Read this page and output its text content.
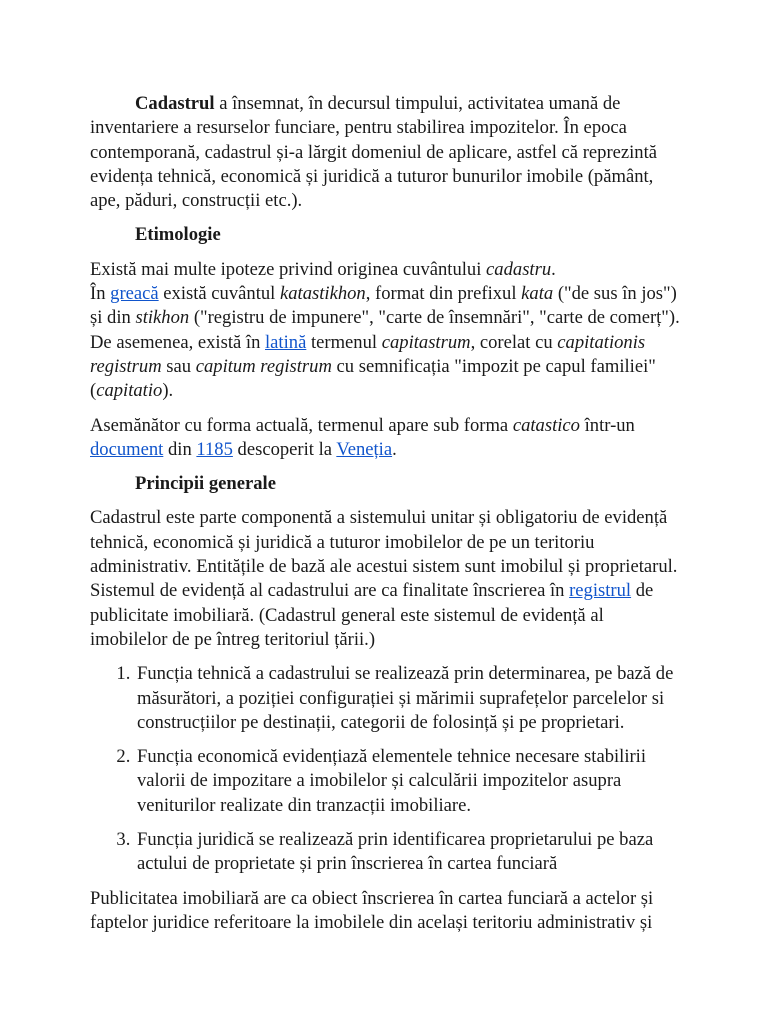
Cadastrul a însemnat, în decursul timpului, activitatea umană de inventariere a resurselor funciare, pentru stabilirea impozitelor. În epoca contemporană, cadastrul și-a lărgit domeniul de aplicare, astfel că reprezintă evidența tehnică, economică și juridică a tuturor bunurilor imobile (pământ, ape, păduri, construcții etc.).

Etimologie

Există mai multe ipoteze privind originea cuvântului cadastru.
În greacă există cuvântul katastikhon, format din prefixul kata ("de sus în jos") și din stikhon ("registru de impunere", "carte de însemnări", "carte de comerț"). De asemenea, există în latină termenul capitastrum, corelat cu capitationis registrum sau capitum registrum cu semnificația "impozit pe capul familiei" (capitatio).

Asemănător cu forma actuală, termenul apare sub forma catastico într-un document din 1185 descoperit la Veneția.

Principii generale

Cadastrul este parte componentă a sistemului unitar și obligatoriu de evidență tehnică, economică și juridică a tuturor imobilelor de pe un teritoriu administrativ. Entitățile de bază ale acestui sistem sunt imobilul și proprietarul. Sistemul de evidență al cadastrului are ca finalitate înscrierea în registrul de publicitate imobiliară. (Cadastrul general este sistemul de evidență al imobilelor de pe întreg teritoriul țării.)

1. Funcția tehnică a cadastrului se realizează prin determinarea, pe bază de măsurători, a poziției configurației și mărimii suprafețelor parcelelor si construcțiilor pe destinații, categorii de folosință și pe proprietari.
2. Funcția economică evidențiază elementele tehnice necesare stabilirii valorii de impozitare a imobilelor și calculării impozitelor asupra veniturilor realizate din tranzacții imobiliare.
3. Funcția juridică se realizează prin identificarea proprietarului pe baza actului de proprietate și prin înscrierea în cartea funciară

Publicitatea imobiliară are ca obiect înscrierea în cartea funciară a actelor și faptelor juridice referitoare la imobilele din același teritoriu administrativ și
